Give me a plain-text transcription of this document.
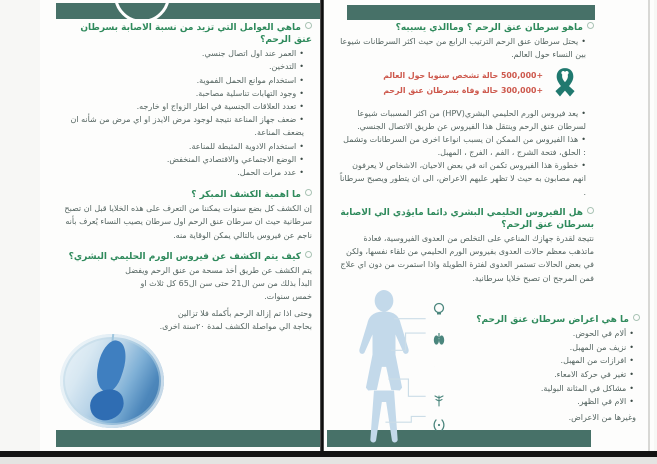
ماهي العوامل التي تزيد من نسبة الاصابة بسرطان عنق الرحم؟
•العمر عند اول اتصال جنسي.
•التدخين.
•استخدام موانع الحمل الفموية.
•وجود التهابات تناسلية مصاحبة.
•تعدد العلاقات الجنسية في اطار الزواج او خارجه.
•ضعف جهاز المناعة نتيجة لوجود مرض الايدز او اي مرض من شأنه ان يضعف المناعة.
•استخدام الادوية المثبطة للمناعة.
•الوضع الاجتماعي والاقتصادي المنخفض.
•عدد مرات الحمل.
ما اهمية الكشف المبكر ؟

إن الكشف كل بضع سنوات يمكننا من التعرف على هذه الخلايا قبل ان تصبح سرطانية حيث ان سرطان عنق الرحم اول سرطان يصيب النساء يُعرف بأنه ناجم عن فيروس بالتالي يمكن الوقاية منه.

كيف يتم الكشف عن فيروس الورم الحليمي البشري؟

يتم الكشف عن طريق أخذ مسحة من عنق الرحم ويفضل البدأ بذلك من سن ال21 حتى سن ال65 كل ثلاث او خمس سنوات.

وحتى اذا تم إزالة الرحم بأكمله فلا تزالين بحاجة الي مواصلة الكشف لمدة ٢٠سنة اخرى.

ماهو سرطان عنق الرحم ؟ وماالذي يسببه؟
•يحتل سرطان عنق الرحم الترتيب الرابع من حيث اكثر السرطانات شيوعا بين النساء حول العالم.
+500,000 حالة تشخص سنويا حول العالم
+300,000 حالة وفاة بسرطان عنق الرحم
•يعد فيروس الورم الحليمي البشري(HPV) من اكثر المسببات شيوعا لسرطان عنق الرحم وينتقل هذا الفيروس عن طريق الاتصال الجنسي.
•هذا الفيروس من الممكن ان يسبب انواعا اخرى من السرطانات وتشمل : الحلق، فتحة الشرج ، الفم ، الفرج ، المهبل.
•خطورة هذا الفيروس تكمن انه في بعض الاحيان، الاشخاص لا يعرفون انهم مصابون به حيث لا تظهر عليهم الاعراض، الى ان يتطور ويصبح سرطاناً .
هل الفيروس الحليمي البشري دائما مايؤدي الي الاصابة بسرطان عنق الرحم؟

نتيجة لقدرة جهازك المناعي على التخلص من العدوى الفيروسية، فعادة ماتذهب معظم حالات العدوى بفيروس الورم الحليمي من تلقاء نفسها، ولكن في بعض الحالات تستمر العدوى لفترة الطويلة واذا استمرت من دون اي علاج فمن المرجح ان تصبح خلايا سرطانية.

ما هي اعراض سرطان عنق الرحم؟
•ألام في الحوض.
•نزيف من المهبل.
•افرازات من المهبل.
•تغير في حركة الامعاء.
•مشاكل في المثانة البولية.
•الام في الظهر.

وغيرها من الاعراض.
